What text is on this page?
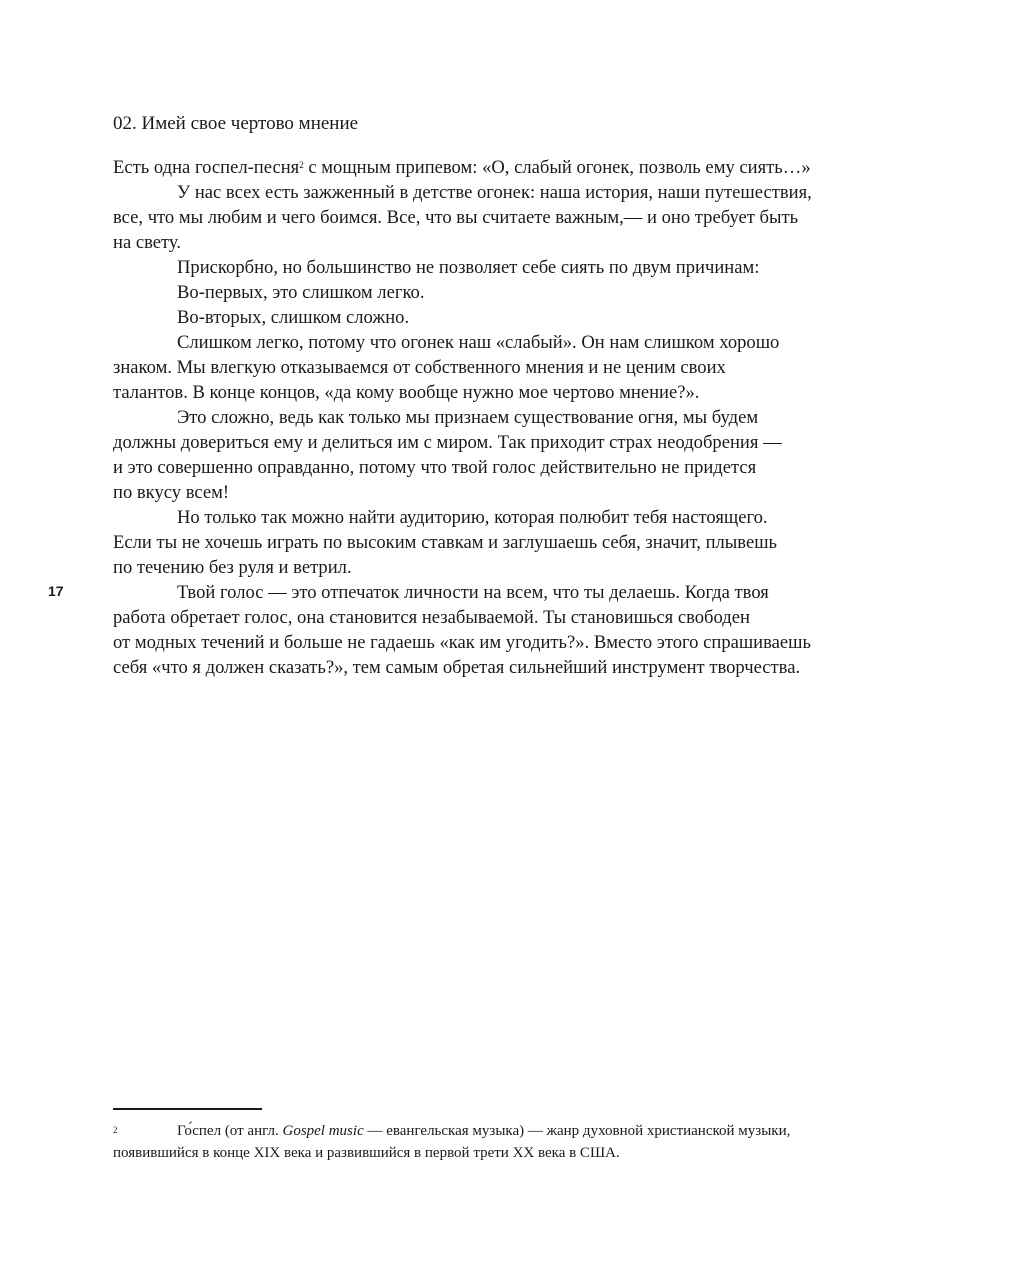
17
02. Имей свое чертово мнение
Есть одна госпел-песня$^2$ с мощным припевом: «О, слабый огонек, позволь ему сиять…»
У нас всех есть зажженный в детстве огонек: наша история, наши путешествия,
все, что мы любим и чего боимся. Все, что вы считаете важным,— и оно требует быть
на свету.
Прискорбно, но большинство не позволяет себе сиять по двум причинам:
Во-первых, это слишком легко.
Во-вторых, слишком сложно.
Слишком легко, потому что огонек наш «слабый». Он нам слишком хорошо
знаком. Мы влегкую отказываемся от собственного мнения и не ценим своих
талантов. В конце концов, «да кому вообще нужно мое чертово мнение?».
Это сложно, ведь как только мы признаем существование огня, мы будем
должны довериться ему и делиться им с миром. Так приходит страх неодобрения —
и это совершенно оправданно, потому что твой голос действительно не придется
по вкусу всем!
Но только так можно найти аудиторию, которая полюбит тебя настоящего.
Если ты не хочешь играть по высоким ставкам и заглушаешь себя, значит, плывешь
по течению без руля и ветрил.
Твой голос — это отпечаток личности на всем, что ты делаешь. Когда твоя
работа обретает голос, она становится незабываемой. Ты становишься свободен
от модных течений и больше не гадаешь «как им угодить?». Вместо этого спрашиваешь
себя «что я должен сказать?», тем самым обретая сильнейший инструмент творчества.
2	Го́спел (от англ. Gospel music — евангельская музыка) — жанр духовной христианской музыки,
появившийся в конце XIX века и развившийся в первой трети XX века в США.
